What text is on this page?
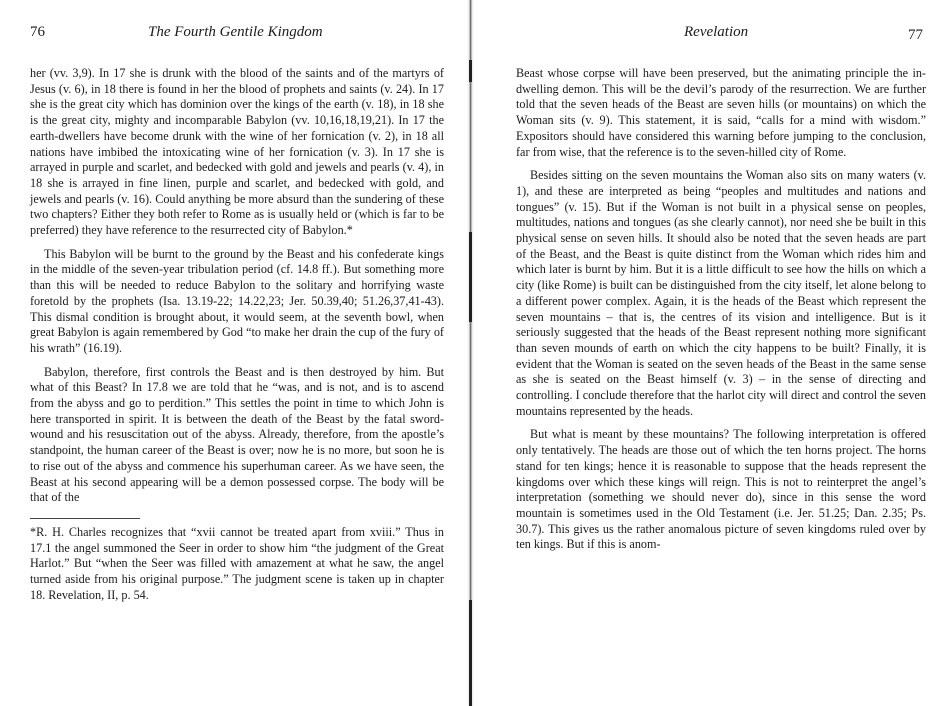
76	The Fourth Gentile Kingdom

her (vv. 3,9). In 17 she is drunk with the blood of the saints and of the martyrs of Jesus (v. 6), in 18 there is found in her the blood of prophets and saints (v. 24). In 17 she is the great city which has dominion over the kings of the earth (v. 18), in 18 she is the great city, mighty and incomparable Babylon (vv. 10,16,18,19,21). In 17 the earth-dwellers have become drunk with the wine of her fornication (v. 2), in 18 all nations have imbibed the intoxicating wine of her fornication (v. 3). In 17 she is arrayed in purple and scarlet, and bedecked with gold and jewels and pearls (v. 4), in 18 she is arrayed in fine linen, purple and scarlet, and bedecked with gold, and jewels and pearls (v. 16). Could anything be more absurd than the sundering of these two chapters? Either they both refer to Rome as is usually held or (which is far to be preferred) they have reference to the resurrected city of Babylon.*

This Babylon will be burnt to the ground by the Beast and his confederate kings in the middle of the seven-year tribulation period (cf. 14.8 ff.). But something more than this will be needed to reduce Babylon to the solitary and horrifying waste foretold by the prophets (Isa. 13.19-22; 14.22,23; Jer. 50.39,40; 51.26,37,41-43). This dismal condition is brought about, it would seem, at the seventh bowl, when great Babylon is again remembered by God “to make her drain the cup of the fury of his wrath” (16.19).

Babylon, therefore, first controls the Beast and is then destroyed by him. But what of this Beast? In 17.8 we are told that he “was, and is not, and is to ascend from the abyss and go to perdition.” This settles the point in time to which John is here transported in spirit. It is between the death of the Beast by the fatal sword-wound and his resuscitation out of the abyss. Already, therefore, from the apostle’s standpoint, the human career of the Beast is over; now he is no more, but soon he is to rise out of the abyss and commence his superhuman career. As we have seen, the Beast at his second appearing will be a demon possessed corpse. The body will be that of the

*R. H. Charles recognizes that “xvii cannot be treated apart from xviii.” Thus in 17.1 the angel summoned the Seer in order to show him “the judgment of the Great Harlot.” But “when the Seer was filled with amazement at what he saw, the angel turned aside from his original purpose.” The judgment scene is taken up in chapter 18. Revelation, II, p. 54.

Revelation	77

Beast whose corpse will have been preserved, but the animating principle the in-dwelling demon. This will be the devil’s parody of the resurrection. We are further told that the seven heads of the Beast are seven hills (or mountains) on which the Woman sits (v. 9). This statement, it is said, “calls for a mind with wisdom.” Expositors should have considered this warning before jumping to the conclusion, far from wise, that the reference is to the seven-hilled city of Rome.

Besides sitting on the seven mountains the Woman also sits on many waters (v. 1), and these are interpreted as being “peoples and multitudes and nations and tongues” (v. 15). But if the Woman is not built in a physical sense on peoples, multitudes, nations and tongues (as she clearly cannot), nor need she be built in this physical sense on seven hills. It should also be noted that the seven heads are part of the Beast, and the Beast is quite distinct from the Woman which rides him and which later is burnt by him. But it is a little difficult to see how the hills on which a city (like Rome) is built can be distinguished from the city itself, let alone belong to a different power complex. Again, it is the heads of the Beast which represent the seven mountains – that is, the centres of its vision and intelligence. But is it seriously suggested that the heads of the Beast represent nothing more significant than seven mounds of earth on which the city happens to be built? Finally, it is evident that the Woman is seated on the seven heads of the Beast in the same sense as she is seated on the Beast himself (v. 3) – in the sense of directing and controlling. I conclude therefore that the harlot city will direct and control the seven mountains represented by the heads.

But what is meant by these mountains? The following interpretation is offered only tentatively. The heads are those out of which the ten horns project. The horns stand for ten kings; hence it is reasonable to suppose that the heads represent the kingdoms over which these kings will reign. This is not to reinterpret the angel’s interpretation (something we should never do), since in this sense the word mountain is sometimes used in the Old Testament (i.e. Jer. 51.25; Dan. 2.35; Ps. 30.7). This gives us the rather anomalous picture of seven kingdoms ruled over by ten kings. But if this is anom-
